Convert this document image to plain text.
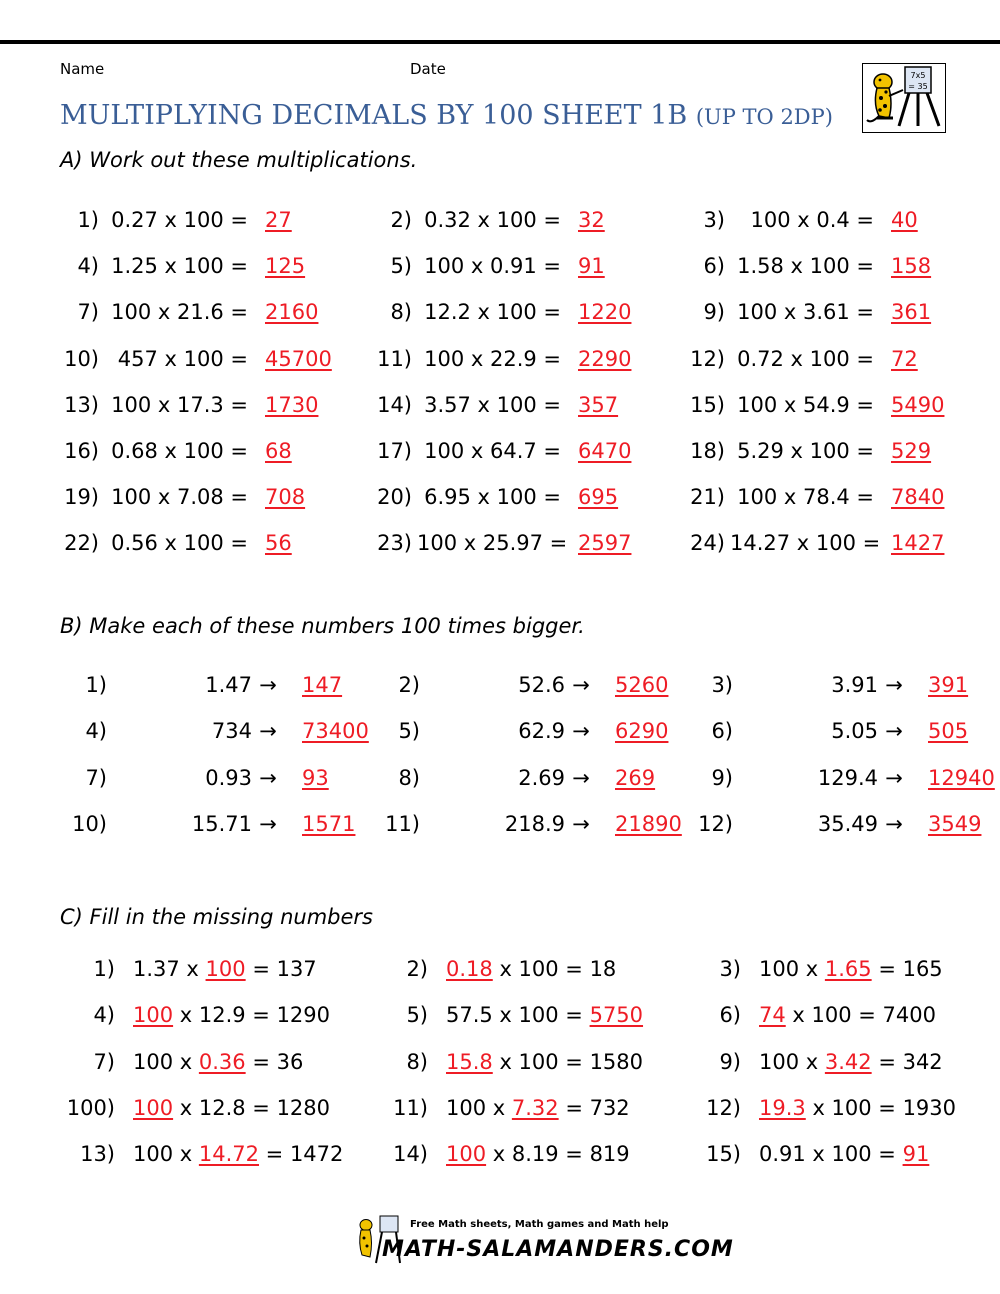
Name	Date
MULTIPLYING DECIMALS BY 100 SHEET 1B (UP TO 2DP)
7x5
= 35
A) Work out these multiplications.
1) 0.27 x 100 = 27	2) 0.32 x 100 = 32	3)	100 x 0.4 = 40
4) 1.25 x 100 = 125	5) 100 x 0.91 = 91	6) 1.58 x 100 = 158
7) 100 x 21.6 = 2160	8) 12.2 x 100 = 1220	9) 100 x 3.61 = 361
10) 457 x 100 = 45700 11) 100 x 22.9 = 2290	12) 0.72 x 100 = 72
13) 100 x 17.3 = 1730	14) 3.57 x 100 = 357	15) 100 x 54.9 = 5490
16) 0.68 x 100 = 68	17) 100 x 64.7 = 6470	18) 5.29 x 100 = 529
19) 100 x 7.08 = 708	20) 6.95 x 100 = 695	21) 100 x 78.4 = 7840
22) 0.56 x 100 = 56	23) 100 x 25.97 = 2597	24) 14.27 x 100 = 1427
B) Make each of these numbers 100 times bigger.
1)	1.47 → 147	2)	52.6 → 5260	3)	3.91 → 391
4)	734 → 73400	5)	62.9 → 6290	6)	5.05 → 505
7)	0.93 → 93	8)	2.69 → 269	9)	129.4 → 12940
10)	15.71 → 1571	11)	218.9 → 21890 12)	35.49 → 3549
C) Fill in the missing numbers
1) 1.37 x 100 = 137	2) 0.18 x 100 = 18	3) 100 x 1.65 = 165
4) 100 x 12.9 = 1290	5) 57.5 x 100 = 5750	6) 74 x 100 = 7400
7) 100 x 0.36 = 36	8) 15.8 x 100 = 1580	9) 100 x 3.42 = 342
100) 100 x 12.8 = 1280	11) 100 x 7.32 = 732	12) 19.3 x 100 = 1930
13) 100 x 14.72 = 1472	14) 100 x 8.19 = 819	15) 0.91 x 100 = 91
Free Math sheets, Math games and Math help
MATH-SALAMANDERS.COM
